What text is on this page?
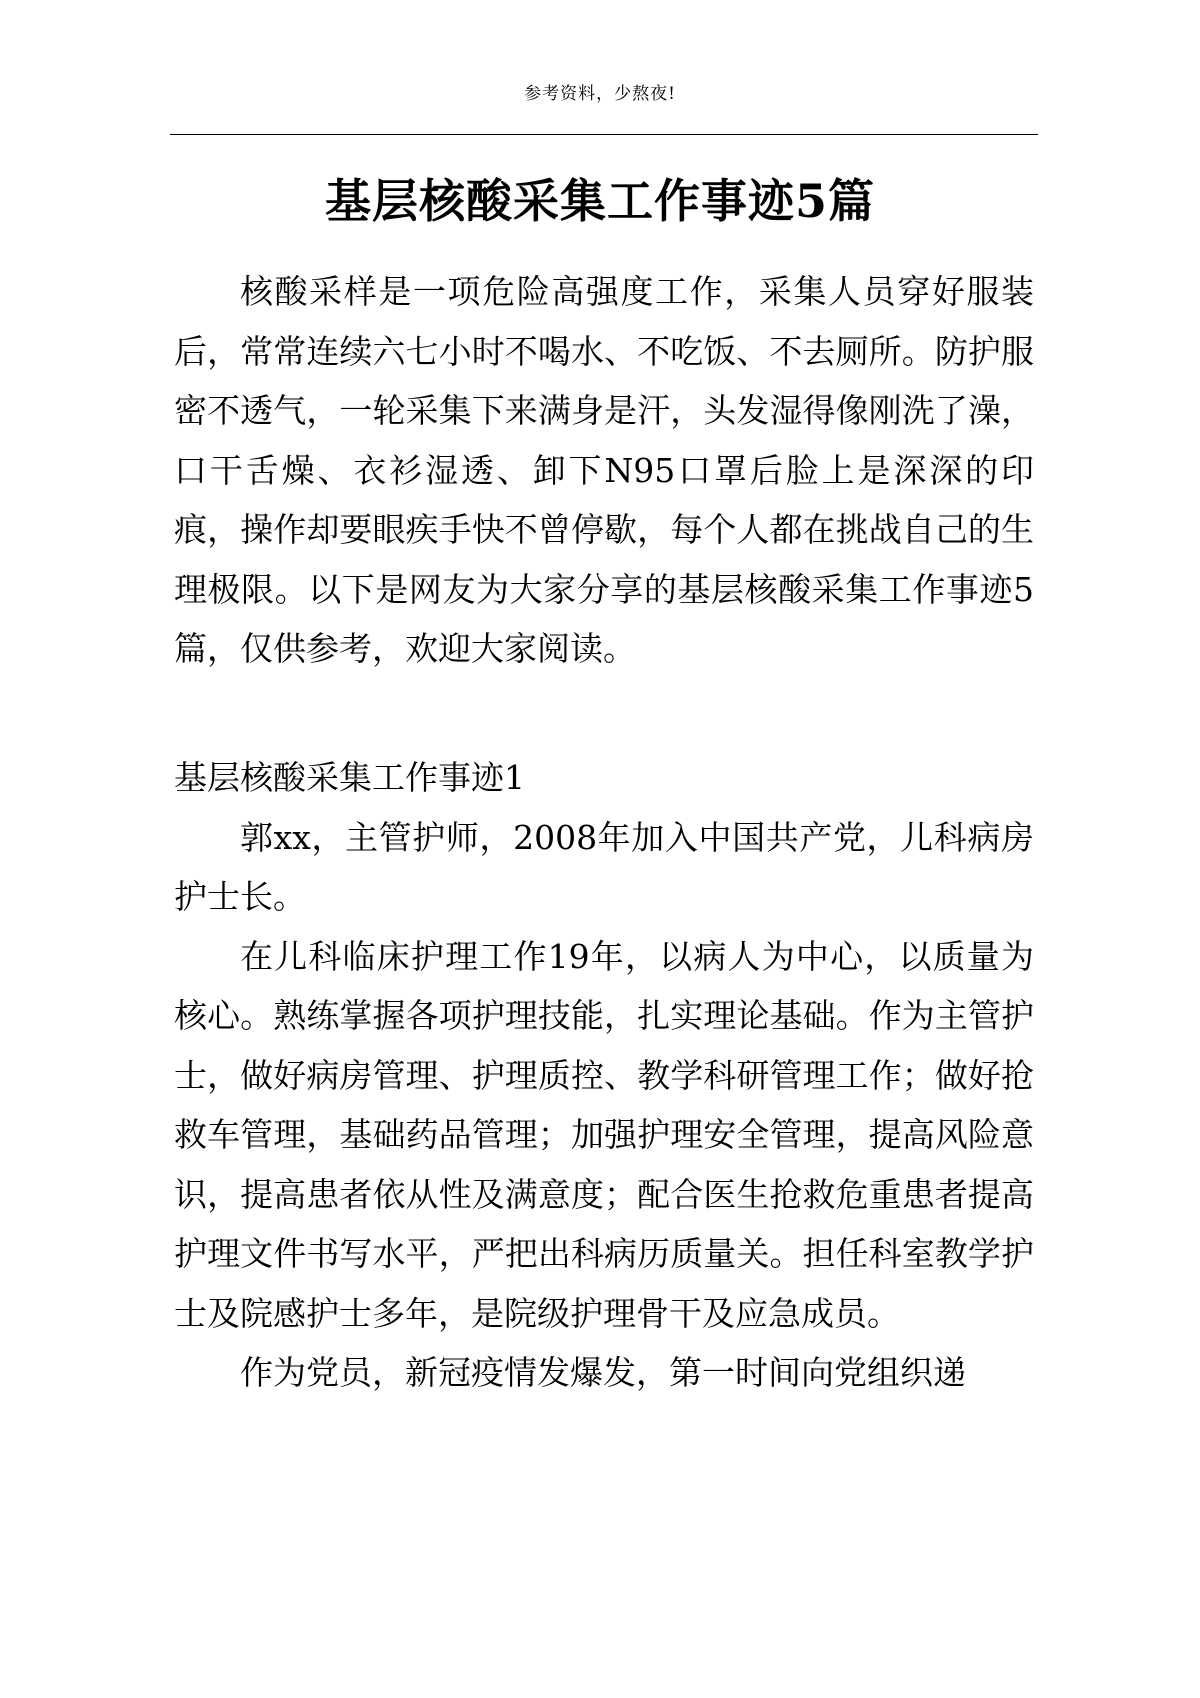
参考资料，少熬夜!
基层核酸采集工作事迹5篇

核酸采样是一项危险高强度工作，采集人员穿好服装后，常常连续六七小时不喝水、不吃饭、不去厕所。防护服密不透气，一轮采集下来满身是汗，头发湿得像刚洗了澡，口干舌燥、衣衫湿透、卸下N95口罩后脸上是深深的印痕，操作却要眼疾手快不曾停歇，每个人都在挑战自己的生理极限。以下是网友为大家分享的基层核酸采集工作事迹5篇，仅供参考，欢迎大家阅读。

基层核酸采集工作事迹1

郭xx，主管护师，2008年加入中国共产党，儿科病房护士长。

在儿科临床护理工作19年，以病人为中心，以质量为核心。熟练掌握各项护理技能，扎实理论基础。作为主管护士，做好病房管理、护理质控、教学科研管理工作；做好抢救车管理，基础药品管理；加强护理安全管理，提高风险意识，提高患者依从性及满意度；配合医生抢救危重患者提高护理文件书写水平，严把出科病历质量关。担任科室教学护士及院感护士多年，是院级护理骨干及应急成员。

作为党员，新冠疫情发爆发，第一时间向党组织递
